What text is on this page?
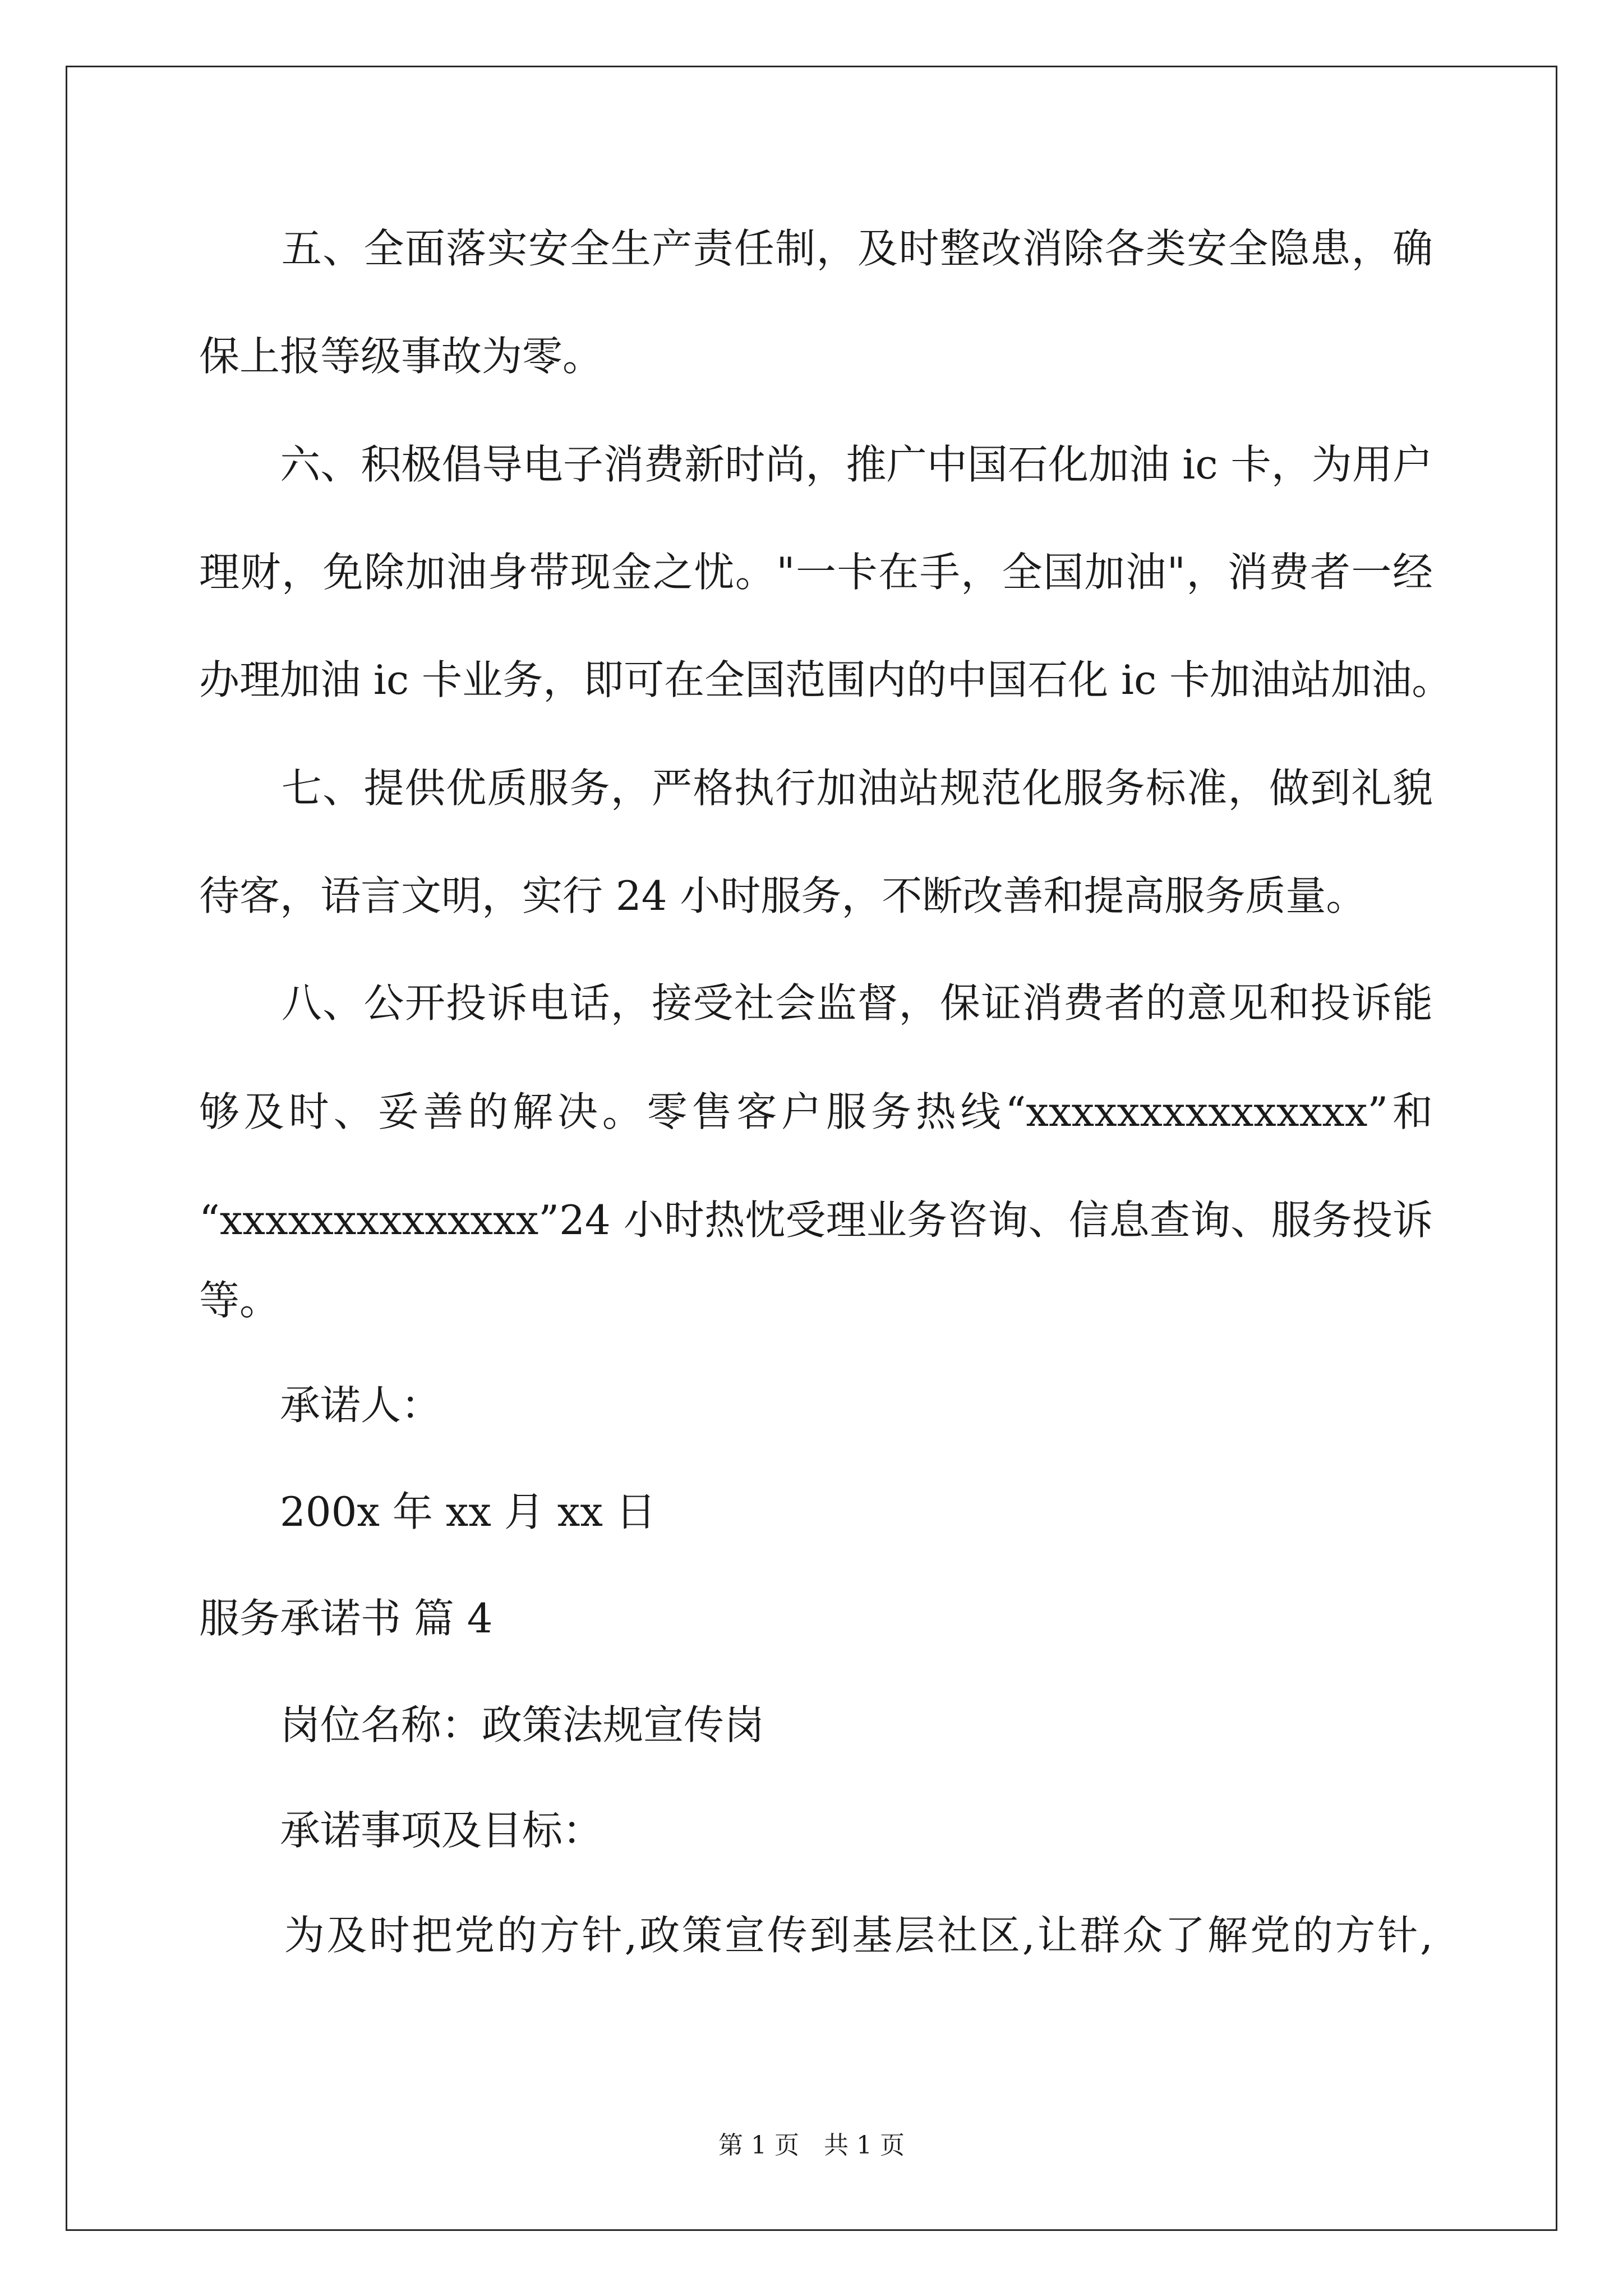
　　五、全面落实安全生产责任制，及时整改消除各类安全隐患，确
保上报等级事故为零。
　　六、积极倡导电子消费新时尚，推广中国石化加油 ic 卡，为用户
理财，免除加油身带现金之忧。"一卡在手，全国加油"，消费者一经
办理加油 ic 卡业务，即可在全国范围内的中国石化 ic 卡加油站加油。
　　七、提供优质服务，严格执行加油站规范化服务标准，做到礼貌
待客，语言文明，实行 24 小时服务，不断改善和提高服务质量。
　　八、公开投诉电话，接受社会监督，保证消费者的意见和投诉能
够及时、妥善的解决。零售客户服务热线“xxxxxxxxxxxxxxx”和
“xxxxxxxxxxxxxx”24 小时热忱受理业务咨询、信息查询、服务投诉
等。
　　承诺人：
　　200x 年 xx 月 xx 日
服务承诺书 篇 4
　　岗位名称：政策法规宣传岗
　　承诺事项及目标：
　　为及时把党的方针,政策宣传到基层社区,让群众了解党的方针,
第 1 页　共 1 页
